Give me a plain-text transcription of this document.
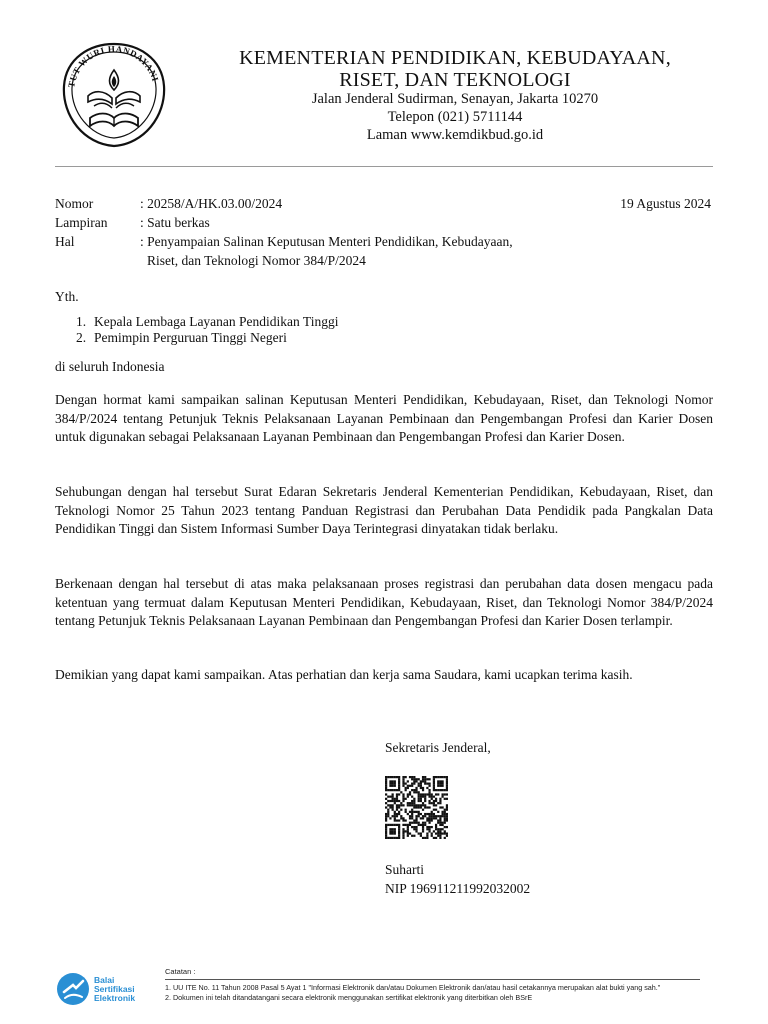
TUT WURI HANDAYANI
KEMENTERIAN PENDIDIKAN, KEBUDAYAAN,
RISET, DAN TEKNOLOGI
Jalan Jenderal Sudirman, Senayan, Jakarta 10270
Telepon (021) 5711144
Laman www.kemdikbud.go.id
Nomor	: 20258/A/HK.03.00/2024	19 Agustus 2024
Lampiran	: Satu berkas
Hal	: Penyampaian Salinan Keputusan Menteri Pendidikan, Kebudayaan,
Riset, dan Teknologi Nomor 384/P/2024
Yth.
1. Kepala Lembaga Layanan Pendidikan Tinggi
2. Pemimpin Perguruan Tinggi Negeri
di seluruh Indonesia
Dengan hormat kami sampaikan salinan Keputusan Menteri Pendidikan, Kebudayaan, Riset, dan Teknologi Nomor 384/P/2024 tentang Petunjuk Teknis Pelaksanaan Layanan Pembinaan dan Pengembangan Profesi dan Karier Dosen untuk digunakan sebagai Pelaksanaan Layanan Pembinaan dan Pengembangan Profesi dan Karier Dosen.
Sehubungan dengan hal tersebut Surat Edaran Sekretaris Jenderal Kementerian Pendidikan, Kebudayaan, Riset, dan Teknologi Nomor 25 Tahun 2023 tentang Panduan Registrasi dan Perubahan Data Pendidik pada Pangkalan Data Pendidikan Tinggi dan Sistem Informasi Sumber Daya Terintegrasi dinyatakan tidak berlaku.
Berkenaan dengan hal tersebut di atas maka pelaksanaan proses registrasi dan perubahan data dosen mengacu pada ketentuan yang termuat dalam Keputusan Menteri Pendidikan, Kebudayaan, Riset, dan Teknologi Nomor 384/P/2024 tentang Petunjuk Teknis Pelaksanaan Layanan Pembinaan dan Pengembangan Profesi dan Karier Dosen terlampir.
Demikian yang dapat kami sampaikan. Atas perhatian dan kerja sama Saudara, kami ucapkan terima kasih.
Sekretaris Jenderal,
Suharti
NIP 196911211992032002
Balai
Sertifikasi
Elektronik
Catatan :
1. UU ITE No. 11 Tahun 2008 Pasal 5 Ayat 1 "Informasi Elektronik dan/atau Dokumen Elektronik dan/atau hasil cetakannya merupakan alat bukti yang sah."
2. Dokumen ini telah ditandatangani secara elektronik menggunakan sertifikat elektronik yang diterbitkan oleh BSrE
